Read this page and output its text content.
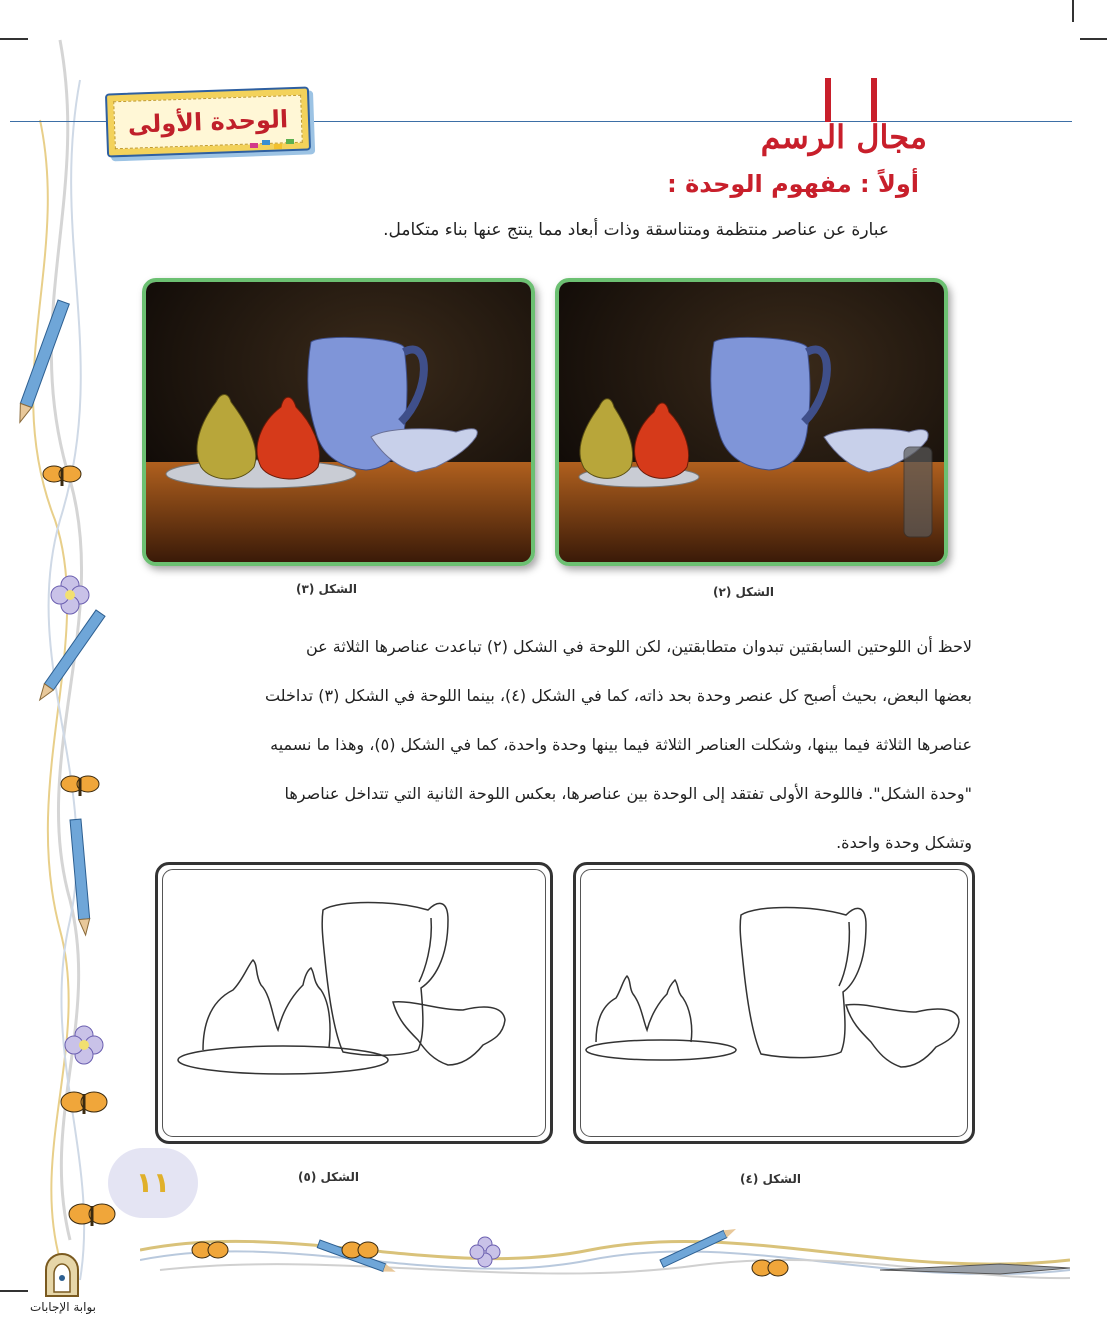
الوحدة الأولى	مجال الرسم
أولاً : مفهوم الوحدة :
عبارة عن عناصر منتظمة ومتناسقة وذات أبعاد مما ينتج عنها بناء متكامل.
الشكل (٣)	الشكل (٢)
لاحظ أن اللوحتين السابقتين تبدوان متطابقتين، لكن اللوحة في الشكل (٢) تباعدت عناصرها الثلاثة عن
بعضها البعض، بحيث أصبح كل عنصر وحدة بحد ذاته، كما في الشكل (٤)، بينما اللوحة في الشكل (٣) تداخلت
عناصرها الثلاثة فيما بينها، وشكلت العناصر الثلاثة فيما بينها وحدة واحدة، كما في الشكل (٥)، وهذا ما نسميه
"وحدة الشكل". فاللوحة الأولى تفتقد إلى الوحدة بين عناصرها، بعكس اللوحة الثانية التي تتداخل عناصرها
وتشكل وحدة واحدة.
الشكل (٥)	الشكل (٤)
١١
بوابة الإجابات
